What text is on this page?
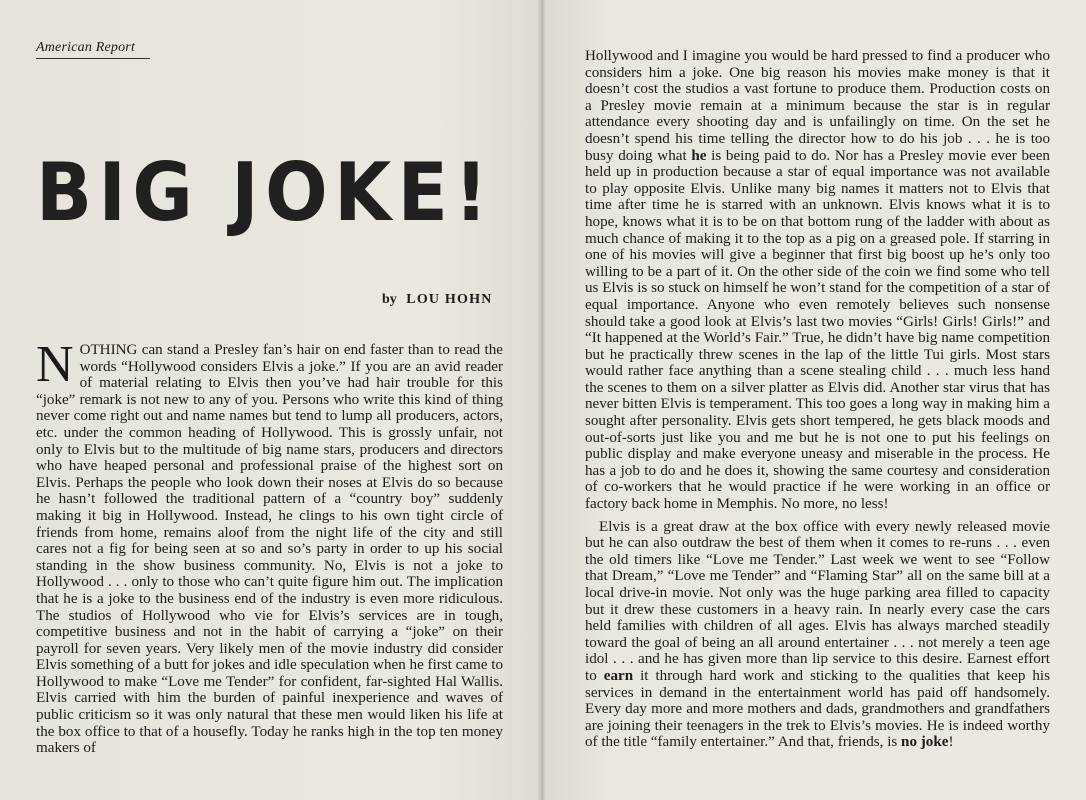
American Report
BIG JOKE!
by LOU HOHN

NOTHING can stand a Presley fan’s hair on end faster than to read the words “Hollywood considers Elvis a joke.” If you are an avid reader of material relating to Elvis then you’ve had hair trouble for this “joke” remark is not new to any of you. Persons who write this kind of thing never come right out and name names but tend to lump all producers, actors, etc. under the common heading of Hollywood. This is grossly unfair, not only to Elvis but to the multitude of big name stars, producers and directors who have heaped personal and professional praise of the highest sort on Elvis. Perhaps the people who look down their noses at Elvis do so because he hasn’t followed the traditional pattern of a “country boy” suddenly making it big in Hollywood. Instead, he clings to his own tight circle of friends from home, remains aloof from the night life of the city and still cares not a fig for being seen at so and so’s party in order to up his social standing in the show business community. No, Elvis is not a joke to Hollywood . . . only to those who can’t quite figure him out. The implication that he is a joke to the business end of the industry is even more ridiculous. The studios of Hollywood who vie for Elvis’s services are in tough, competitive business and not in the habit of carrying a “joke” on their payroll for seven years. Very likely men of the movie industry did consider Elvis something of a butt for jokes and idle speculation when he first came to Hollywood to make “Love me Tender” for confident, far-sighted Hal Wallis. Elvis carried with him the burden of painful inexperience and waves of public criticism so it was only natural that these men would liken his life at the box office to that of a housefly. Today he ranks high in the top ten money makers of

Hollywood and I imagine you would be hard pressed to find a producer who considers him a joke. One big reason his movies make money is that it doesn’t cost the studios a vast fortune to produce them. Production costs on a Presley movie remain at a minimum because the star is in regular attendance every shooting day and is unfailingly on time. On the set he doesn’t spend his time telling the director how to do his job . . . he is too busy doing what he is being paid to do. Nor has a Presley movie ever been held up in production because a star of equal importance was not available to play opposite Elvis. Unlike many big names it matters not to Elvis that time after time he is starred with an unknown. Elvis knows what it is to hope, knows what it is to be on that bottom rung of the ladder with about as much chance of making it to the top as a pig on a greased pole. If starring in one of his movies will give a beginner that first big boost up he’s only too willing to be a part of it. On the other side of the coin we find some who tell us Elvis is so stuck on himself he won’t stand for the competition of a star of equal importance. Anyone who even remotely believes such nonsense should take a good look at Elvis’s last two movies “Girls! Girls! Girls!” and “It happened at the World’s Fair.” True, he didn’t have big name competition but he practically threw scenes in the lap of the little Tui girls. Most stars would rather face anything than a scene stealing child . . . much less hand the scenes to them on a silver platter as Elvis did. Another star virus that has never bitten Elvis is temperament. This too goes a long way in making him a sought after personality. Elvis gets short tempered, he gets black moods and out-of-sorts just like you and me but he is not one to put his feelings on public display and make everyone uneasy and miserable in the process. He has a job to do and he does it, showing the same courtesy and consideration of co-workers that he would practice if he were working in an office or factory back home in Memphis. No more, no less!

Elvis is a great draw at the box office with every newly released movie but he can also outdraw the best of them when it comes to re-runs . . . even the old timers like “Love me Tender.” Last week we went to see “Follow that Dream,” “Love me Tender” and “Flaming Star” all on the same bill at a local drive-in movie. Not only was the huge parking area filled to capacity but it drew these customers in a heavy rain. In nearly every case the cars held families with children of all ages. Elvis has always marched steadily toward the goal of being an all around entertainer . . . not merely a teen age idol . . . and he has given more than lip service to this desire. Earnest effort to earn it through hard work and sticking to the qualities that keep his services in demand in the entertainment world has paid off handsomely. Every day more and more mothers and dads, grandmothers and grandfathers are joining their teenagers in the trek to Elvis’s movies. He is indeed worthy of the title “family entertainer.” And that, friends, is no joke!
